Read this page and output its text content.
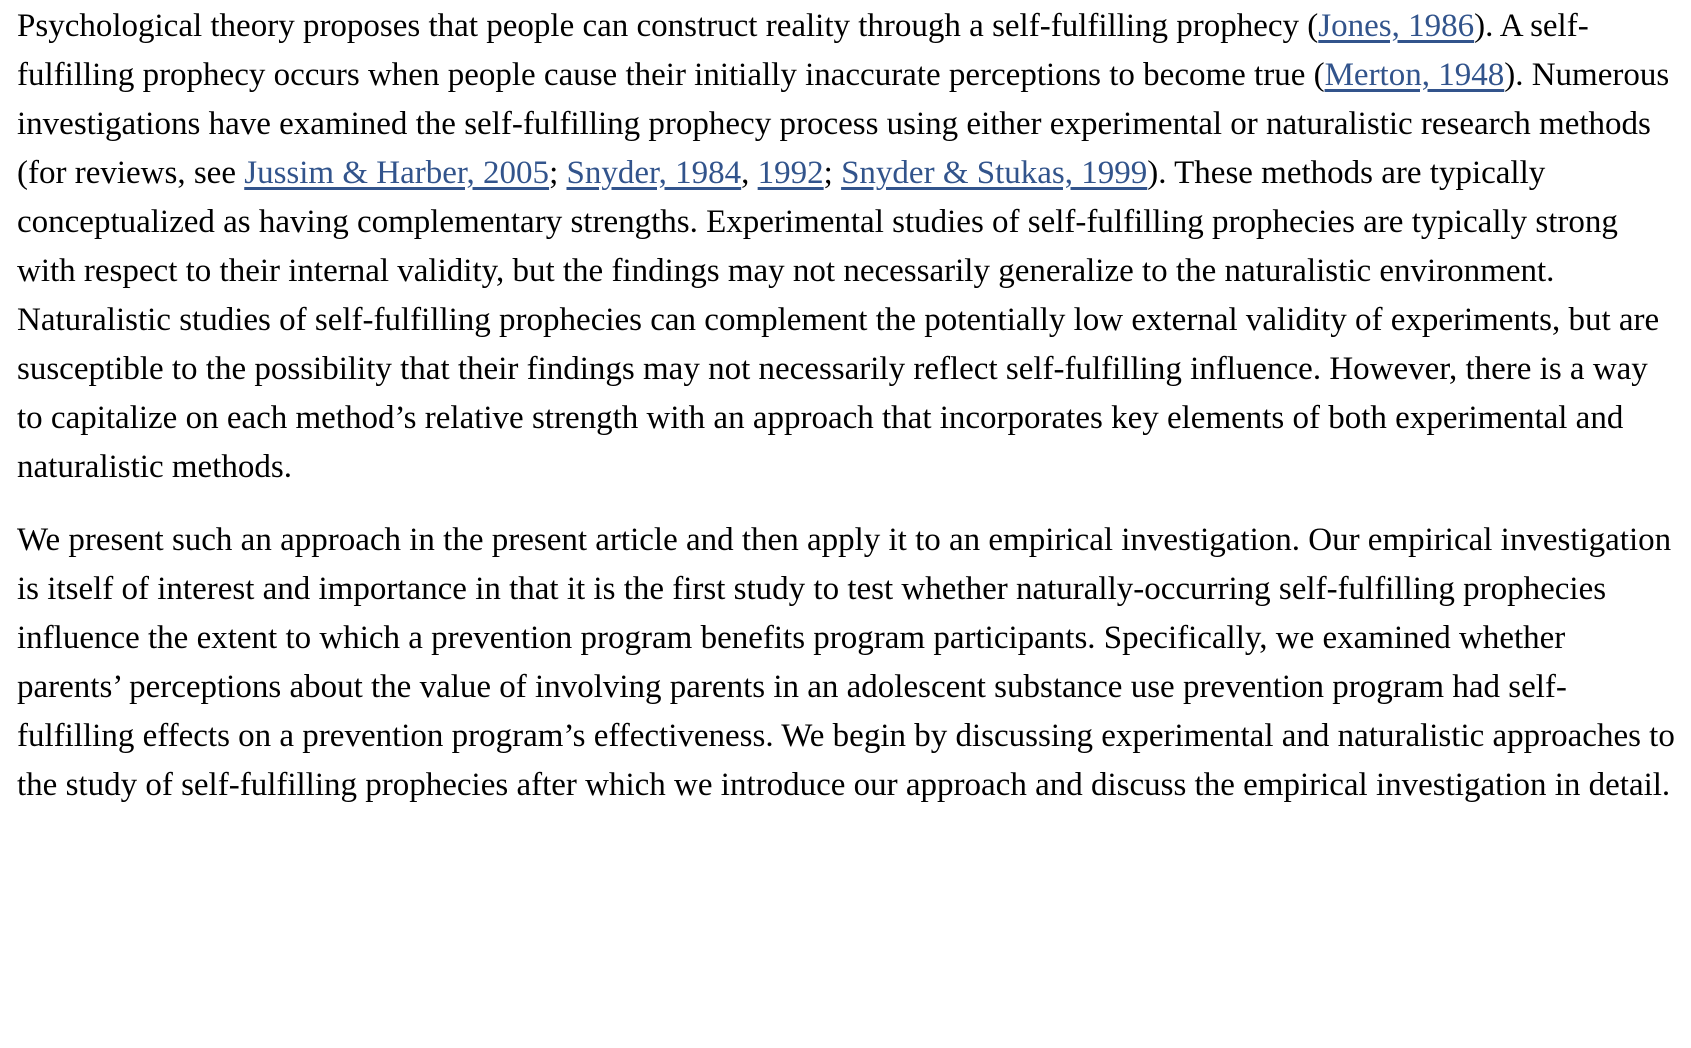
Psychological theory proposes that people can construct reality through a self-fulfilling prophecy (Jones, 1986). A self-fulfilling prophecy occurs when people cause their initially inaccurate perceptions to become true (Merton, 1948). Numerous investigations have examined the self-fulfilling prophecy process using either experimental or naturalistic research methods (for reviews, see Jussim & Harber, 2005; Snyder, 1984, 1992; Snyder & Stukas, 1999). These methods are typically conceptualized as having complementary strengths. Experimental studies of self-fulfilling prophecies are typically strong with respect to their internal validity, but the findings may not necessarily generalize to the naturalistic environment. Naturalistic studies of self-fulfilling prophecies can complement the potentially low external validity of experiments, but are susceptible to the possibility that their findings may not necessarily reflect self-fulfilling influence. However, there is a way to capitalize on each method’s relative strength with an approach that incorporates key elements of both experimental and naturalistic methods.

We present such an approach in the present article and then apply it to an empirical investigation. Our empirical investigation is itself of interest and importance in that it is the first study to test whether naturally-occurring self-fulfilling prophecies influence the extent to which a prevention program benefits program participants. Specifically, we examined whether parents’ perceptions about the value of involving parents in an adolescent substance use prevention program had self-fulfilling effects on a prevention program’s effectiveness. We begin by discussing experimental and naturalistic approaches to the study of self-fulfilling prophecies after which we introduce our approach and discuss the empirical investigation in detail.
